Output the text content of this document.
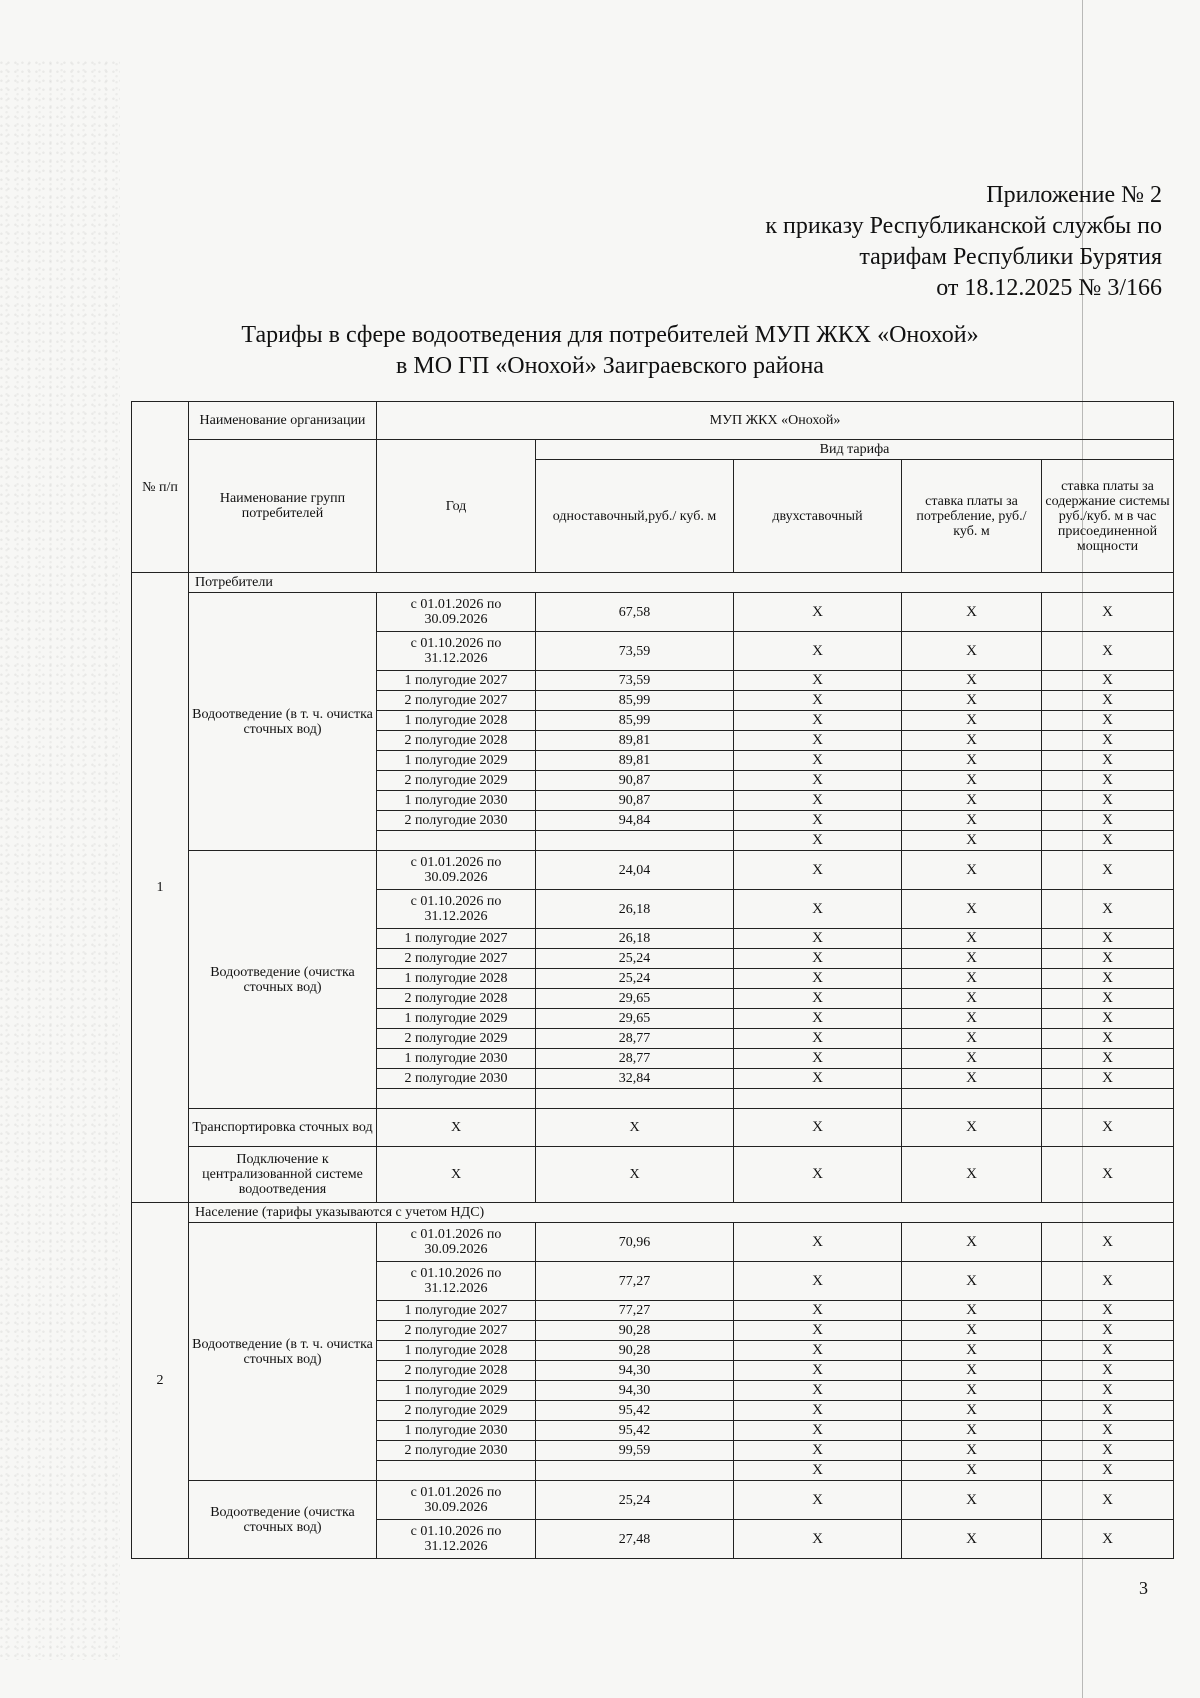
Приложение № 2
к приказу Республиканской службы по
тарифам Республики Бурятия
от 18.12.2025 № 3/166
Тарифы в сфере водоотведения для потребителей МУП ЖКХ «Онохой»
в МО ГП «Онохой» Заиграевского района
№ п/п	Наименование организации	МУП ЖКХ «Онохой»				
	Наименование групп потребителей	Год	Вид тарифа			
			одноставочный,руб./ куб. м	двухставочный	ставка платы за потребление, руб./ куб. м	ставка платы за содержание системы руб./куб. м в час присоединенной мощности
1	Потребители					
	Водоотведение (в т. ч. очистка сточных вод)	с 01.01.2026 по 30.09.2026	67,58	X	X	X
		с 01.10.2026 по 31.12.2026	73,59	X	X	X
		1 полугодие 2027	73,59	X	X	X
		2 полугодие 2027	85,99	X	X	X
		1 полугодие 2028	85,99	X	X	X
		2 полугодие 2028	89,81	X	X	X
		1 полугодие 2029	89,81	X	X	X
		2 полугодие 2029	90,87	X	X	X
		1 полугодие 2030	90,87	X	X	X
		2 полугодие 2030	94,84	X	X	X
				X	X	X
	Водоотведение (очистка сточных вод)	с 01.01.2026 по 30.09.2026	24,04	X	X	X
		с 01.10.2026 по 31.12.2026	26,18	X	X	X
		1 полугодие 2027	26,18	X	X	X
		2 полугодие 2027	25,24	X	X	X
		1 полугодие 2028	25,24	X	X	X
		2 полугодие 2028	29,65	X	X	X
		1 полугодие 2029	29,65	X	X	X
		2 полугодие 2029	28,77	X	X	X
		1 полугодие 2030	28,77	X	X	X
		2 полугодие 2030	32,84	X	X	X

	Транспортировка сточных вод	X	X	X	X	X
	Подключение к централизованной системе водоотведения	X	X	X	X	X
2	Население (тарифы указываются с учетом НДС)					
	Водоотведение (в т. ч. очистка сточных вод)	с 01.01.2026 по 30.09.2026	70,96	X	X	X
		с 01.10.2026 по 31.12.2026	77,27	X	X	X
		1 полугодие 2027	77,27	X	X	X
		2 полугодие 2027	90,28	X	X	X
		1 полугодие 2028	90,28	X	X	X
		2 полугодие 2028	94,30	X	X	X
		1 полугодие 2029	94,30	X	X	X
		2 полугодие 2029	95,42	X	X	X
		1 полугодие 2030	95,42	X	X	X
		2 полугодие 2030	99,59	X	X	X
				X	X	X
	Водоотведение (очистка сточных вод)	с 01.01.2026 по 30.09.2026	25,24	X	X	X
		с 01.10.2026 по 31.12.2026	27,48	X	X	X
3
